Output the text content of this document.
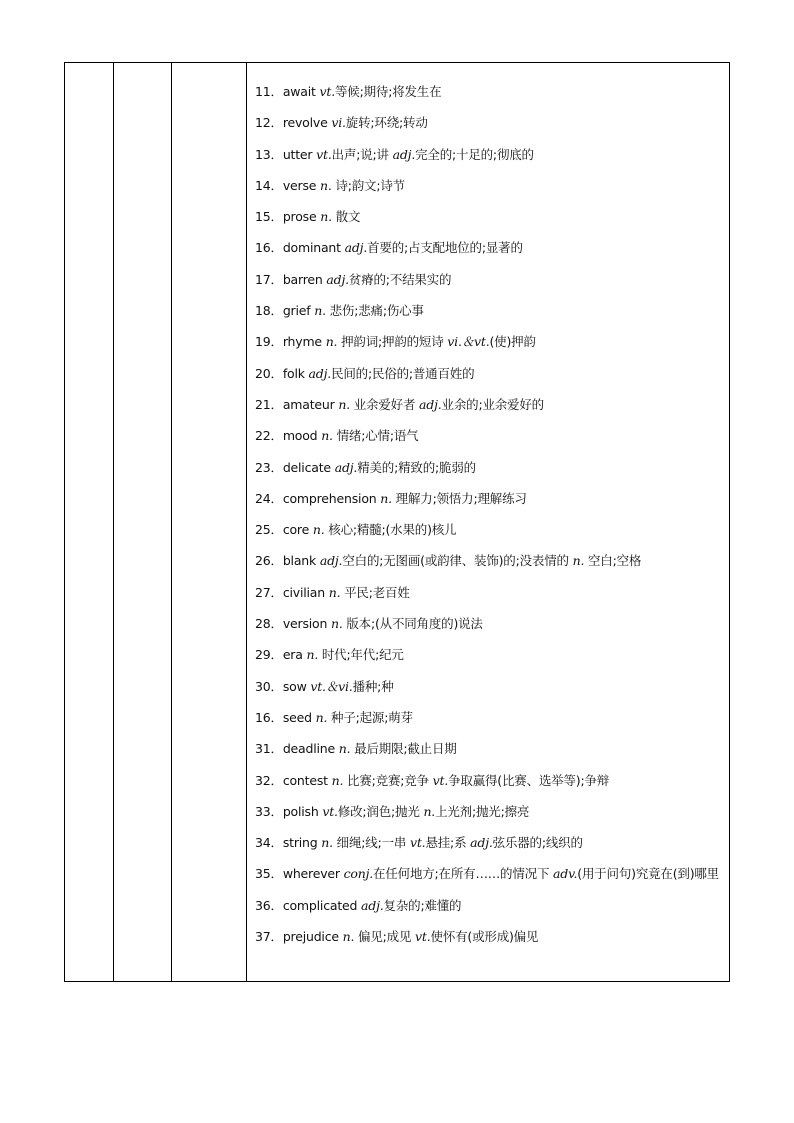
11．await vt.等候;期待;将发生在
12．revolve vi.旋转;环绕;转动
13．utter vt.出声;说;讲 adj.完全的;十足的;彻底的
14．verse n. 诗;韵文;诗节
15．prose n. 散文
16．dominant adj.首要的;占支配地位的;显著的
17．barren adj.贫瘠的;不结果实的
18．grief n. 悲伤;悲痛;伤心事
19．rhyme n. 押韵词;押韵的短诗 vi.＆vt.(使)押韵
20．folk adj.民间的;民俗的;普通百姓的
21．amateur n. 业余爱好者 adj.业余的;业余爱好的
22．mood n. 情绪;心情;语气
23．delicate adj.精美的;精致的;脆弱的
24．comprehension n. 理解力;领悟力;理解练习
25．core n. 核心;精髓;(水果的)核儿
26．blank adj.空白的;无图画(或韵律、装饰)的;没表情的 n. 空白;空格
27．civilian n. 平民;老百姓
28．version n. 版本;(从不同角度的)说法
29．era n. 时代;年代;纪元
30．sow vt.＆vi.播种;种
16．seed n. 种子;起源;萌芽
31．deadline n. 最后期限;截止日期
32．contest n. 比赛;竞赛;竞争 vt.争取赢得(比赛、选举等);争辩
33．polish vt.修改;润色;抛光 n.上光剂;抛光;擦亮
34．string n. 细绳;线;一串 vt.悬挂;系 adj.弦乐器的;线织的
35．wherever conj.在任何地方;在所有……的情况下 adv.(用于问句)究竟在(到)哪里
36．complicated adj.复杂的;难懂的
37．prejudice n. 偏见;成见 vt.使怀有(或形成)偏见
